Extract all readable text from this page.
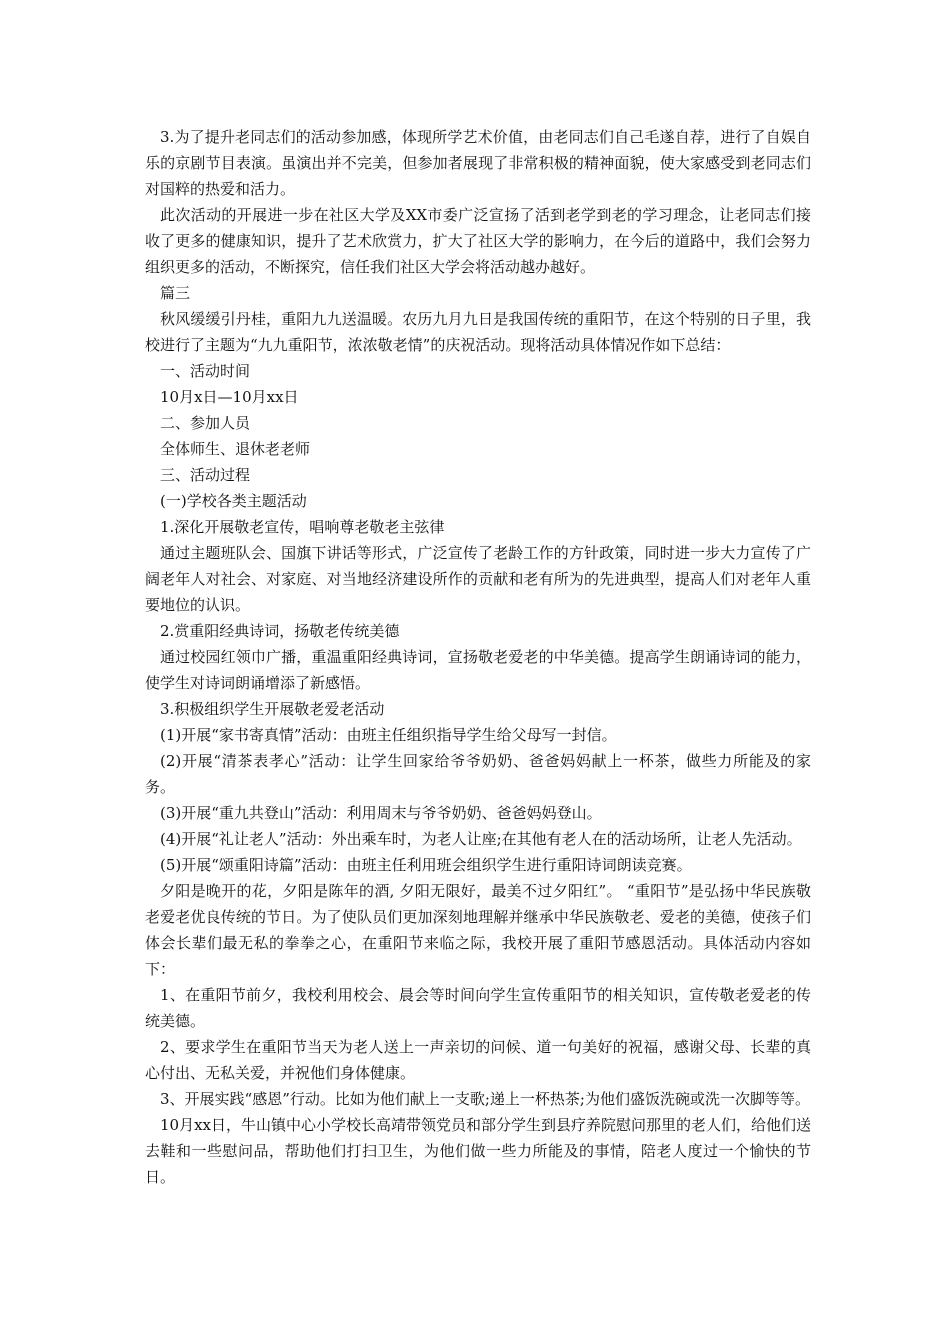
3.为了提升老同志们的活动参加感，体现所学艺术价值，由老同志们自己毛遂自荐，进行了自娱自乐的京剧节目表演。虽演出并不完美，但参加者展现了非常积极的精神面貌，使大家感受到老同志们对国粹的热爱和活力。

此次活动的开展进一步在社区大学及XX市委广泛宣扬了活到老学到老的学习理念，让老同志们接收了更多的健康知识，提升了艺术欣赏力，扩大了社区大学的影响力，在今后的道路中，我们会努力组织更多的活动，不断探究，信任我们社区大学会将活动越办越好。

篇三

秋风缓缓引丹桂，重阳九九送温暖。农历九月九日是我国传统的重阳节，在这个特别的日子里，我校进行了主题为“九九重阳节，浓浓敬老情”的庆祝活动。现将活动具体情况作如下总结：

一、活动时间

10月x日—10月xx日

二、参加人员

全体师生、退休老老师

三、活动过程

(一)学校各类主题活动

1.深化开展敬老宣传，唱响尊老敬老主弦律

通过主题班队会、国旗下讲话等形式，广泛宣传了老龄工作的方针政策，同时进一步大力宣传了广阔老年人对社会、对家庭、对当地经济建设所作的贡献和老有所为的先进典型，提高人们对老年人重要地位的认识。

2.赏重阳经典诗词，扬敬老传统美德

通过校园红领巾广播，重温重阳经典诗词，宣扬敬老爱老的中华美德。提高学生朗诵诗词的能力，使学生对诗词朗诵增添了新感悟。

3.积极组织学生开展敬老爱老活动

(1)开展“家书寄真情”活动：由班主任组织指导学生给父母写一封信。

(2)开展“清茶表孝心”活动：让学生回家给爷爷奶奶、爸爸妈妈献上一杯茶，做些力所能及的家务。

(3)开展“重九共登山”活动：利用周末与爷爷奶奶、爸爸妈妈登山。

(4)开展“礼让老人”活动：外出乘车时，为老人让座;在其他有老人在的活动场所，让老人先活动。

(5)开展“颂重阳诗篇”活动：由班主任利用班会组织学生进行重阳诗词朗读竞赛。

夕阳是晚开的花，夕阳是陈年的酒, 夕阳无限好，最美不过夕阳红”。 “重阳节”是弘扬中华民族敬老爱老优良传统的节日。为了使队员们更加深刻地理解并继承中华民族敬老、爱老的美德，使孩子们体会长辈们最无私的拳拳之心，在重阳节来临之际，我校开展了重阳节感恩活动。具体活动内容如下：

1、在重阳节前夕，我校利用校会、晨会等时间向学生宣传重阳节的相关知识，宣传敬老爱老的传统美德。

2、要求学生在重阳节当天为老人送上一声亲切的问候、道一句美好的祝福，感谢父母、长辈的真心付出、无私关爱，并祝他们身体健康。

3、开展实践“感恩”行动。比如为他们献上一支歌;递上一杯热茶;为他们盛饭洗碗或洗一次脚等等。

10月xx日，牛山镇中心小学校长高靖带领党员和部分学生到县疗养院慰问那里的老人们，给他们送去鞋和一些慰问品，帮助他们打扫卫生，为他们做一些力所能及的事情，陪老人度过一个愉快的节日。
